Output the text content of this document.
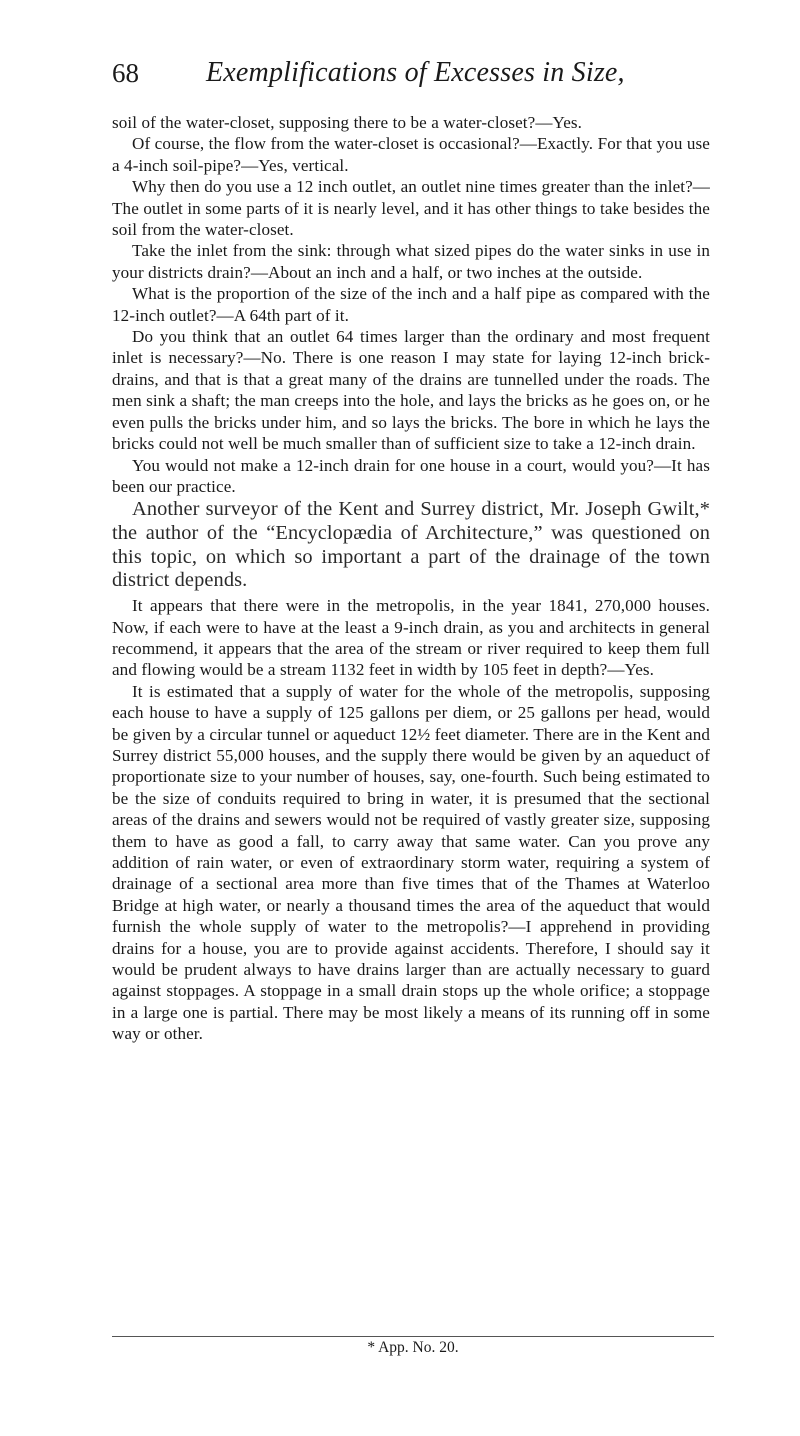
68 Exemplifications of Excesses in Size,

soil of the water-closet, supposing there to be a water-closet?—Yes.

Of course, the flow from the water-closet is occasional?—Exactly. For that you use a 4-inch soil-pipe?—Yes, vertical.

Why then do you use a 12 inch outlet, an outlet nine times greater than the inlet?—The outlet in some parts of it is nearly level, and it has other things to take besides the soil from the water-closet.

Take the inlet from the sink: through what sized pipes do the water sinks in use in your districts drain?—About an inch and a half, or two inches at the outside.

What is the proportion of the size of the inch and a half pipe as compared with the 12-inch outlet?—A 64th part of it.

Do you think that an outlet 64 times larger than the ordinary and most frequent inlet is necessary?—No. There is one reason I may state for laying 12-inch brick-drains, and that is that a great many of the drains are tunnelled under the roads. The men sink a shaft; the man creeps into the hole, and lays the bricks as he goes on, or he even pulls the bricks under him, and so lays the bricks. The bore in which he lays the bricks could not well be much smaller than of sufficient size to take a 12-inch drain.

You would not make a 12-inch drain for one house in a court, would you?—It has been our practice.

Another surveyor of the Kent and Surrey district, Mr. Joseph Gwilt,* the author of the “Encyclopædia of Architecture,” was questioned on this topic, on which so important a part of the drainage of the town district depends.

It appears that there were in the metropolis, in the year 1841, 270,000 houses. Now, if each were to have at the least a 9-inch drain, as you and architects in general recommend, it appears that the area of the stream or river required to keep them full and flowing would be a stream 1132 feet in width by 105 feet in depth?—Yes.

It is estimated that a supply of water for the whole of the metropolis, supposing each house to have a supply of 125 gallons per diem, or 25 gallons per head, would be given by a circular tunnel or aqueduct 12½ feet diameter. There are in the Kent and Surrey district 55,000 houses, and the supply there would be given by an aqueduct of proportionate size to your number of houses, say, one-fourth. Such being estimated to be the size of conduits required to bring in water, it is presumed that the sectional areas of the drains and sewers would not be required of vastly greater size, supposing them to have as good a fall, to carry away that same water. Can you prove any addition of rain water, or even of extraordinary storm water, requiring a system of drainage of a sectional area more than five times that of the Thames at Waterloo Bridge at high water, or nearly a thousand times the area of the aqueduct that would furnish the whole supply of water to the metropolis?—I apprehend in providing drains for a house, you are to provide against accidents. Therefore, I should say it would be prudent always to have drains larger than are actually necessary to guard against stoppages. A stoppage in a small drain stops up the whole orifice; a stoppage in a large one is partial. There may be most likely a means of its running off in some way or other.

* App. No. 20.
